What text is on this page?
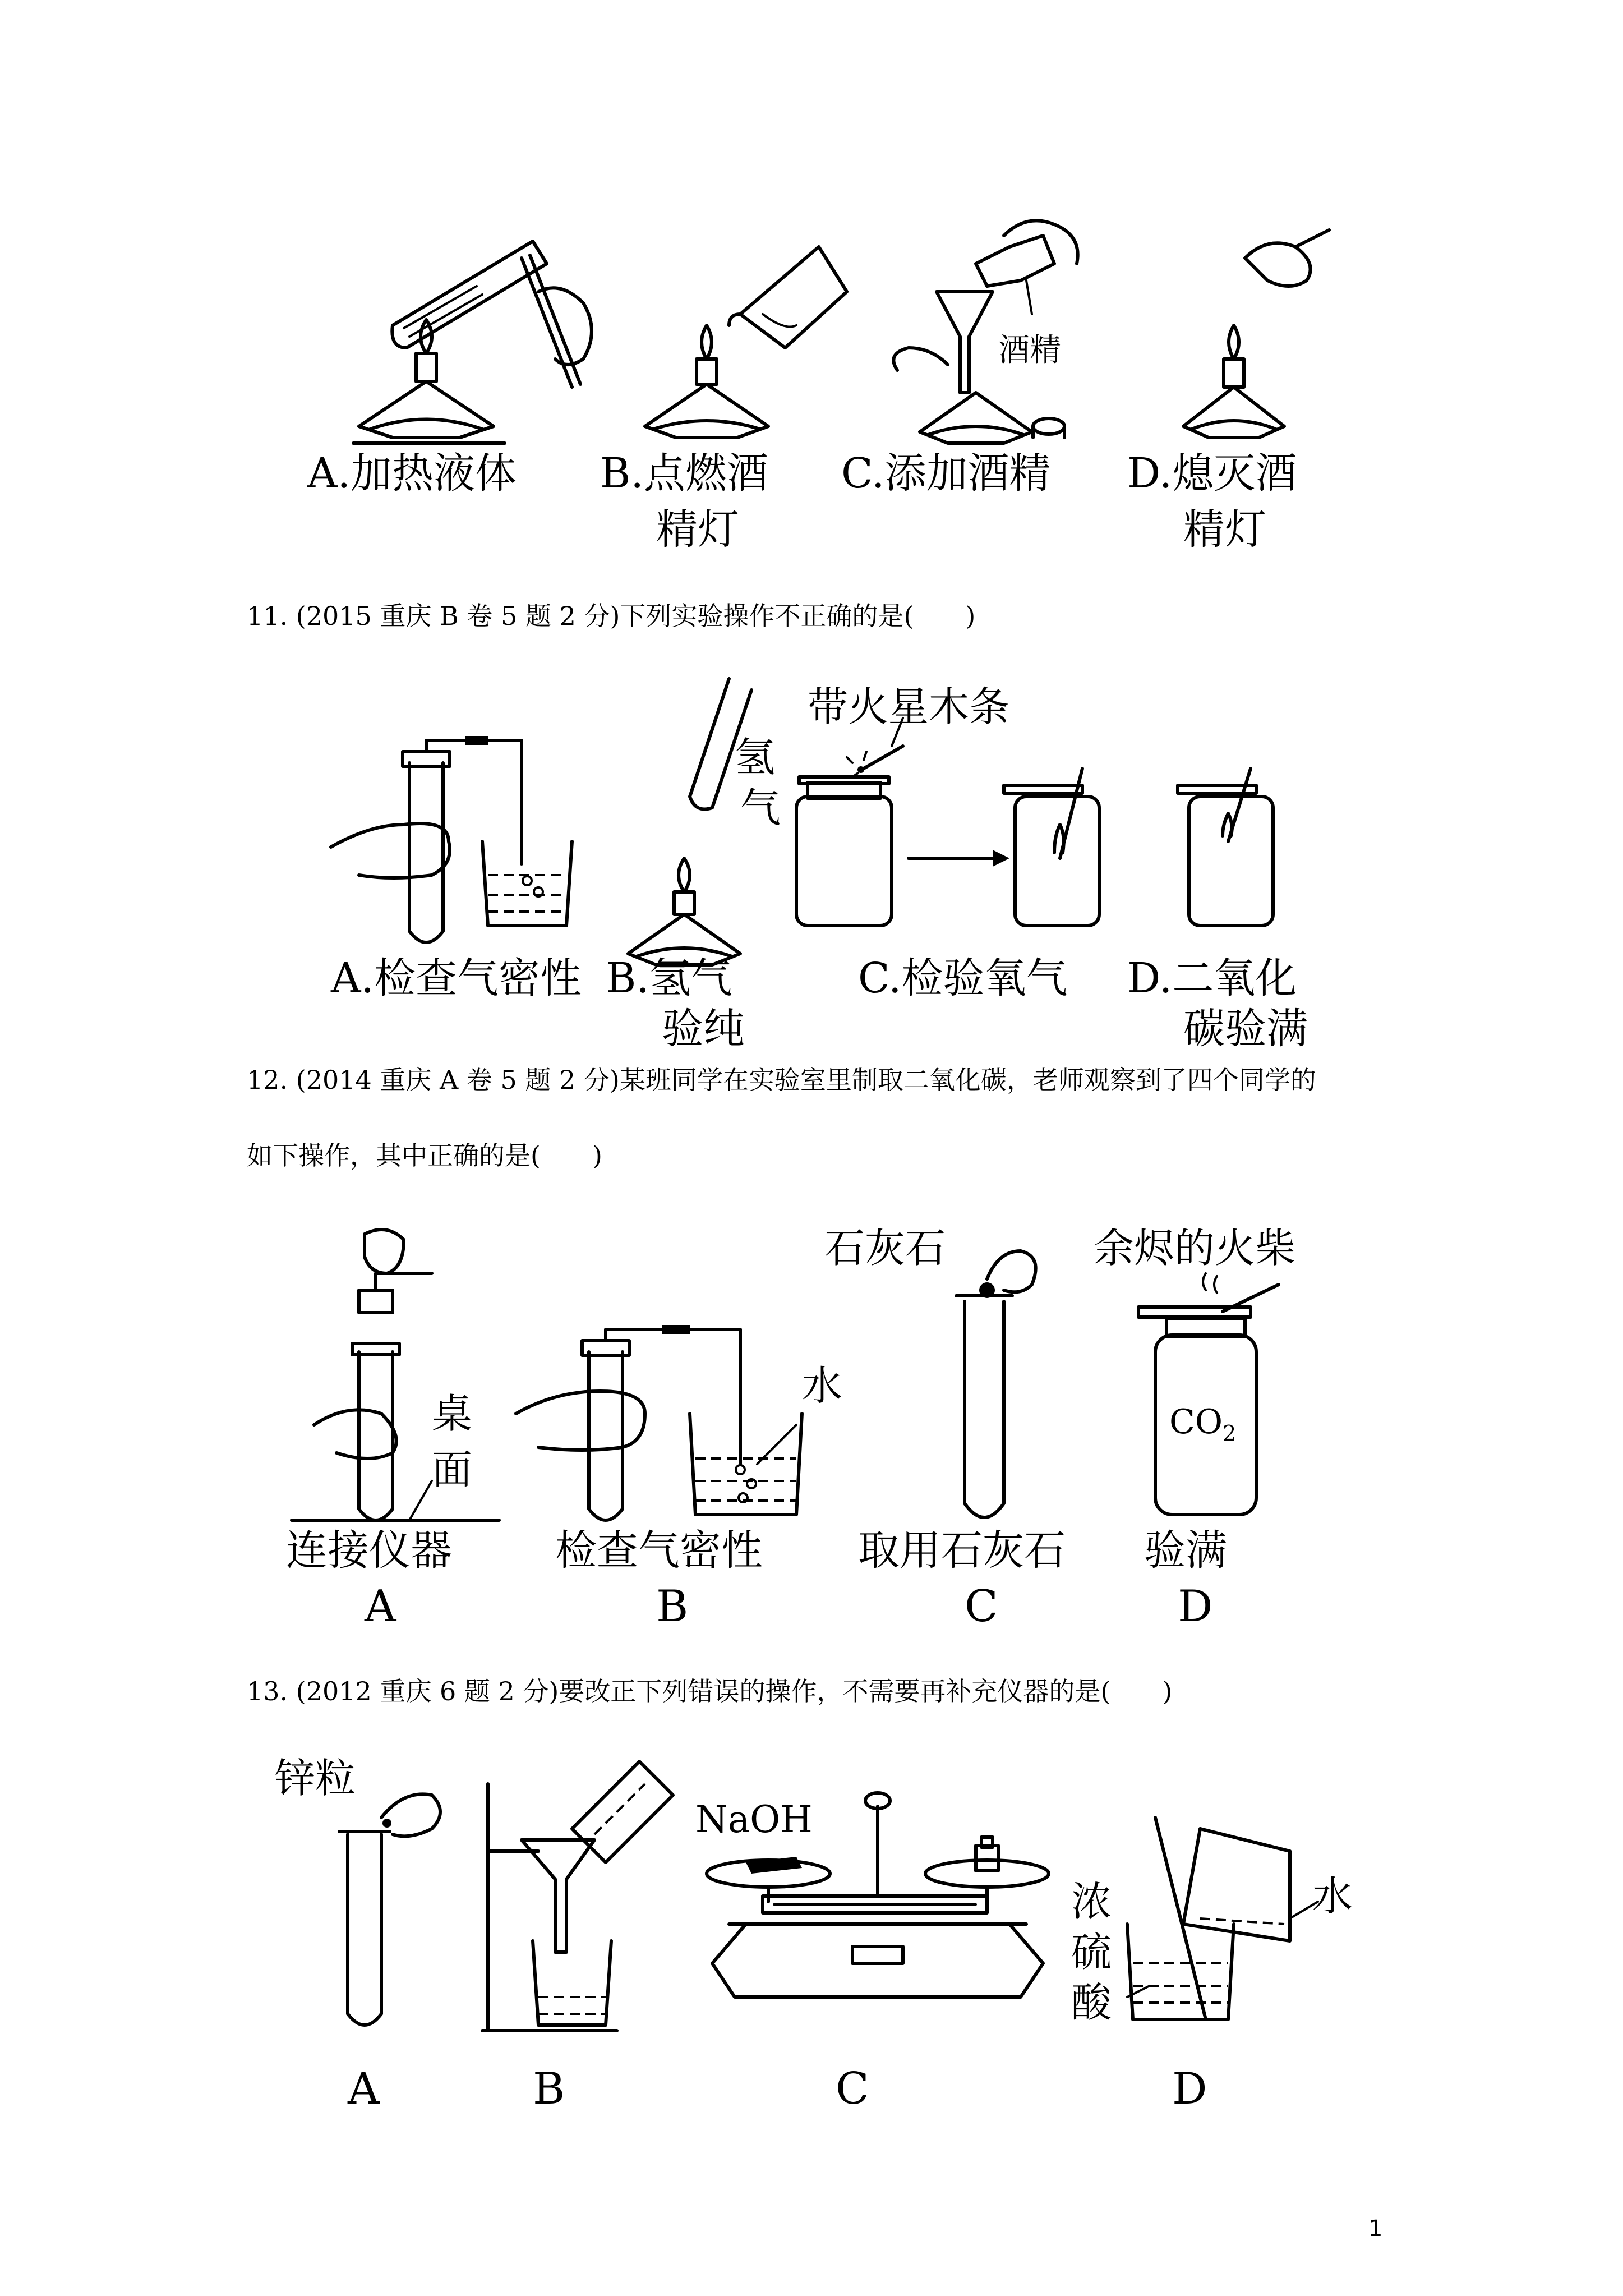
A.加热液体 B.点燃酒
精灯
C.添加酒精 D.熄灭酒
精灯
酒精
11. (2015 重庆 B 卷 5 题 2 分)下列实验操作不正确的是(　　)
带火星木条
氢
气
A.检查气密性 B.氢气
验纯
C.检验氧气 D.二氧化
碳验满
12. (2014 重庆 A 卷 5 题 2 分)某班同学在实验室里制取二氧化碳，老师观察到了四个同学的
如下操作，其中正确的是(　　)
桌
面
水
石灰石	余烬的火柴
$CO_2$
连接仪器 检查气密性 取用石灰石 验满
A	B	C	D
13. (2012 重庆 6 题 2 分)要改正下列错误的操作，不需要再补充仪器的是(　　)
锌粒
NaOH
水
浓
硫
酸
A	B	C	D
1
